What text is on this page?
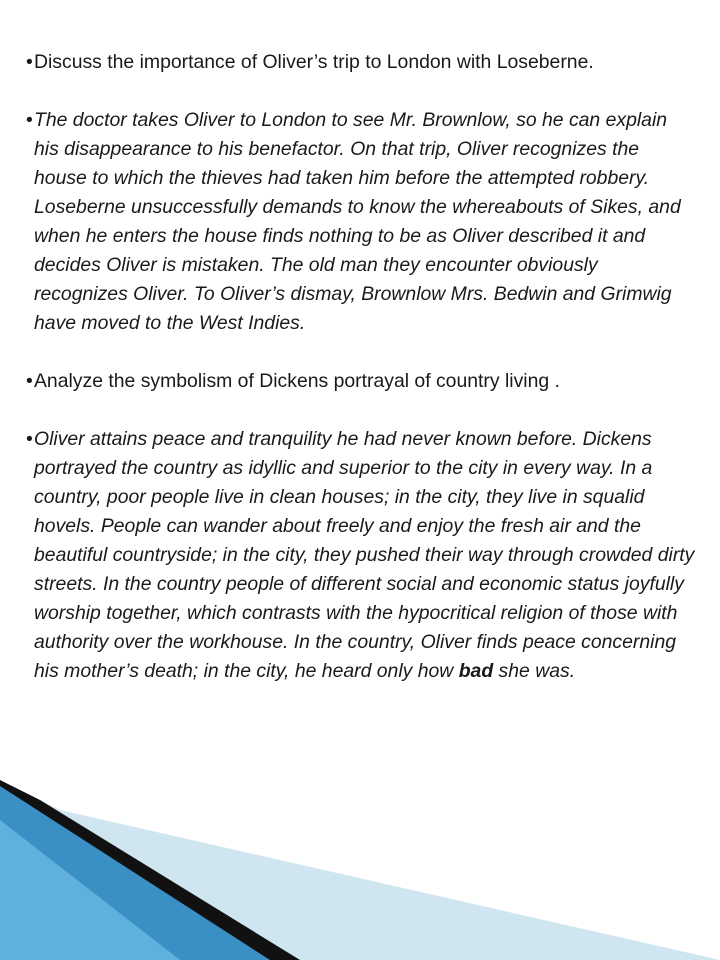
• Discuss the importance of Oliver’s trip to London with Loseberne.

• The doctor takes Oliver to London to see Mr. Brownlow, so he can explain his disappearance to his benefactor. On that trip, Oliver recognizes the house to which the thieves had taken him before the attempted robbery. Loseberne unsuccessfully demands to know the whereabouts of Sikes, and when he enters the house finds nothing to be as Oliver described it and decides Oliver is mistaken. The old man they encounter obviously recognizes Oliver. To Oliver’s dismay, Brownlow Mrs. Bedwin and Grimwig have moved to the West Indies.

• Analyze the symbolism of Dickens portrayal of country living .

• Oliver attains peace and tranquility he had never known before. Dickens portrayed the country as idyllic and superior to the city in every way. In a country, poor people live in clean houses; in the city, they live in squalid hovels. People can wander about freely and enjoy the fresh air and the beautiful countryside; in the city, they pushed their way through crowded dirty streets. In the country people of different social and economic status joyfully worship together, which contrasts with the hypocritical religion of those with authority over the workhouse. In the country, Oliver finds peace concerning his mother’s death; in the city, he heard only how bad she was.
